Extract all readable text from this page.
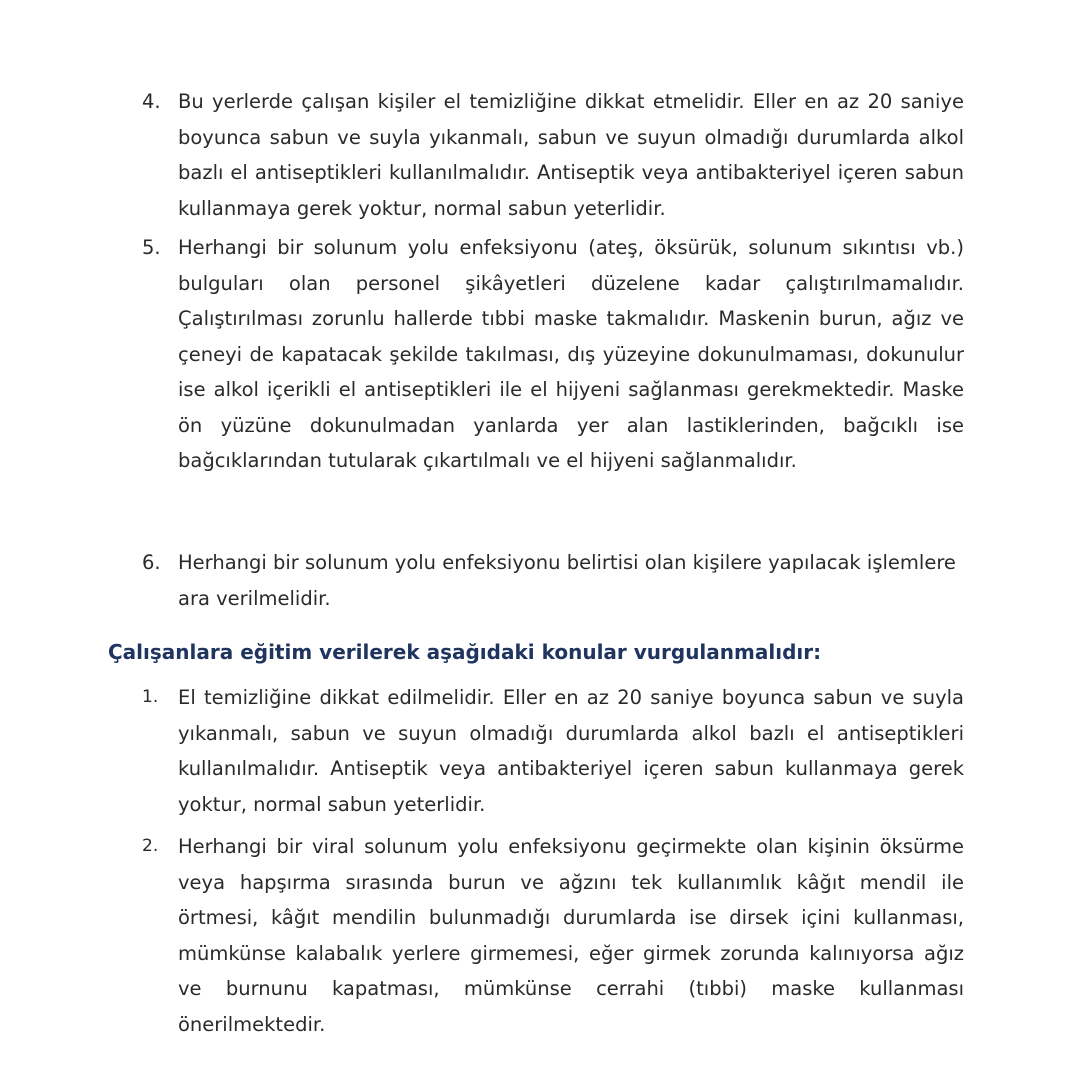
4. Bu yerlerde çalışan kişiler el temizliğine dikkat etmelidir. Eller en az 20 saniye boyunca sabun ve suyla yıkanmalı, sabun ve suyun olmadığı durumlarda alkol bazlı el antiseptikleri kullanılmalıdır. Antiseptik veya antibakteriyel içeren sabun kullanmaya gerek yoktur, normal sabun yeterlidir.
5. Herhangi bir solunum yolu enfeksiyonu (ateş, öksürük, solunum sıkıntısı vb.) bulguları olan personel şikâyetleri düzelene kadar çalıştırılmamalıdır. Çalıştırılması zorunlu hallerde tıbbi maske takmalıdır. Maskenin burun, ağız ve çeneyi de kapatacak şekilde takılması, dış yüzeyine dokunulmaması, dokunulur ise alkol içerikli el antiseptikleri ile el hijyeni sağlanması gerekmektedir. Maske ön yüzüne dokunulmadan yanlarda yer alan lastiklerinden, bağcıklı ise bağcıklarından tutularak çıkartılmalı ve el hijyeni sağlanmalıdır.
6. Herhangi bir solunum yolu enfeksiyonu belirtisi olan kişilere yapılacak işlemlere ara verilmelidir.
Çalışanlara eğitim verilerek aşağıdaki konular vurgulanmalıdır:
1.	El temizliğine dikkat edilmelidir. Eller en az 20 saniye boyunca sabun ve suyla yıkanmalı, sabun ve suyun olmadığı durumlarda alkol bazlı el antiseptikleri kullanılmalıdır. Antiseptik veya antibakteriyel içeren sabun kullanmaya gerek yoktur, normal sabun yeterlidir.
2.	Herhangi bir viral solunum yolu enfeksiyonu geçirmekte olan kişinin öksürme veya hapşırma sırasında burun ve ağzını tek kullanımlık kâğıt mendil ile örtmesi, kâğıt mendilin bulunmadığı durumlarda ise dirsek içini kullanması, mümkünse kalabalık yerlere girmemesi, eğer girmek zorunda kalınıyorsa ağız ve burnunu kapatması, mümkünse cerrahi (tıbbi) maske kullanması önerilmektedir.
